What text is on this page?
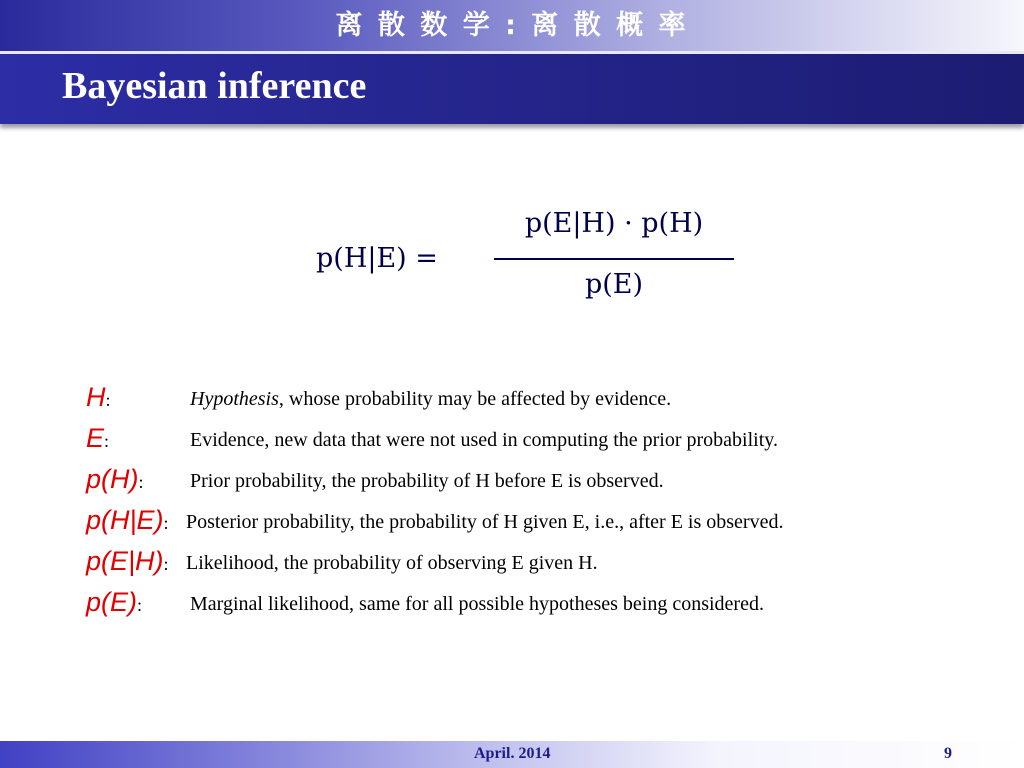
离 散 数 学 : 离 散 概 率
Bayesian inference
p(H|E) =
p(E|H) · p(H)
p(E)
H:	Hypothesis, whose probability may be affected by evidence.
E:	Evidence, new data that were not used in computing the prior probability.
p(H): Prior probability, the probability of H before E is observed.
p(H|E): Posterior probability, the probability of H given E, i.e., after E is observed.
p(E|H): Likelihood, the probability of observing E given H.
p(E): Marginal likelihood, same for all possible hypotheses being considered.
April. 2014	9
